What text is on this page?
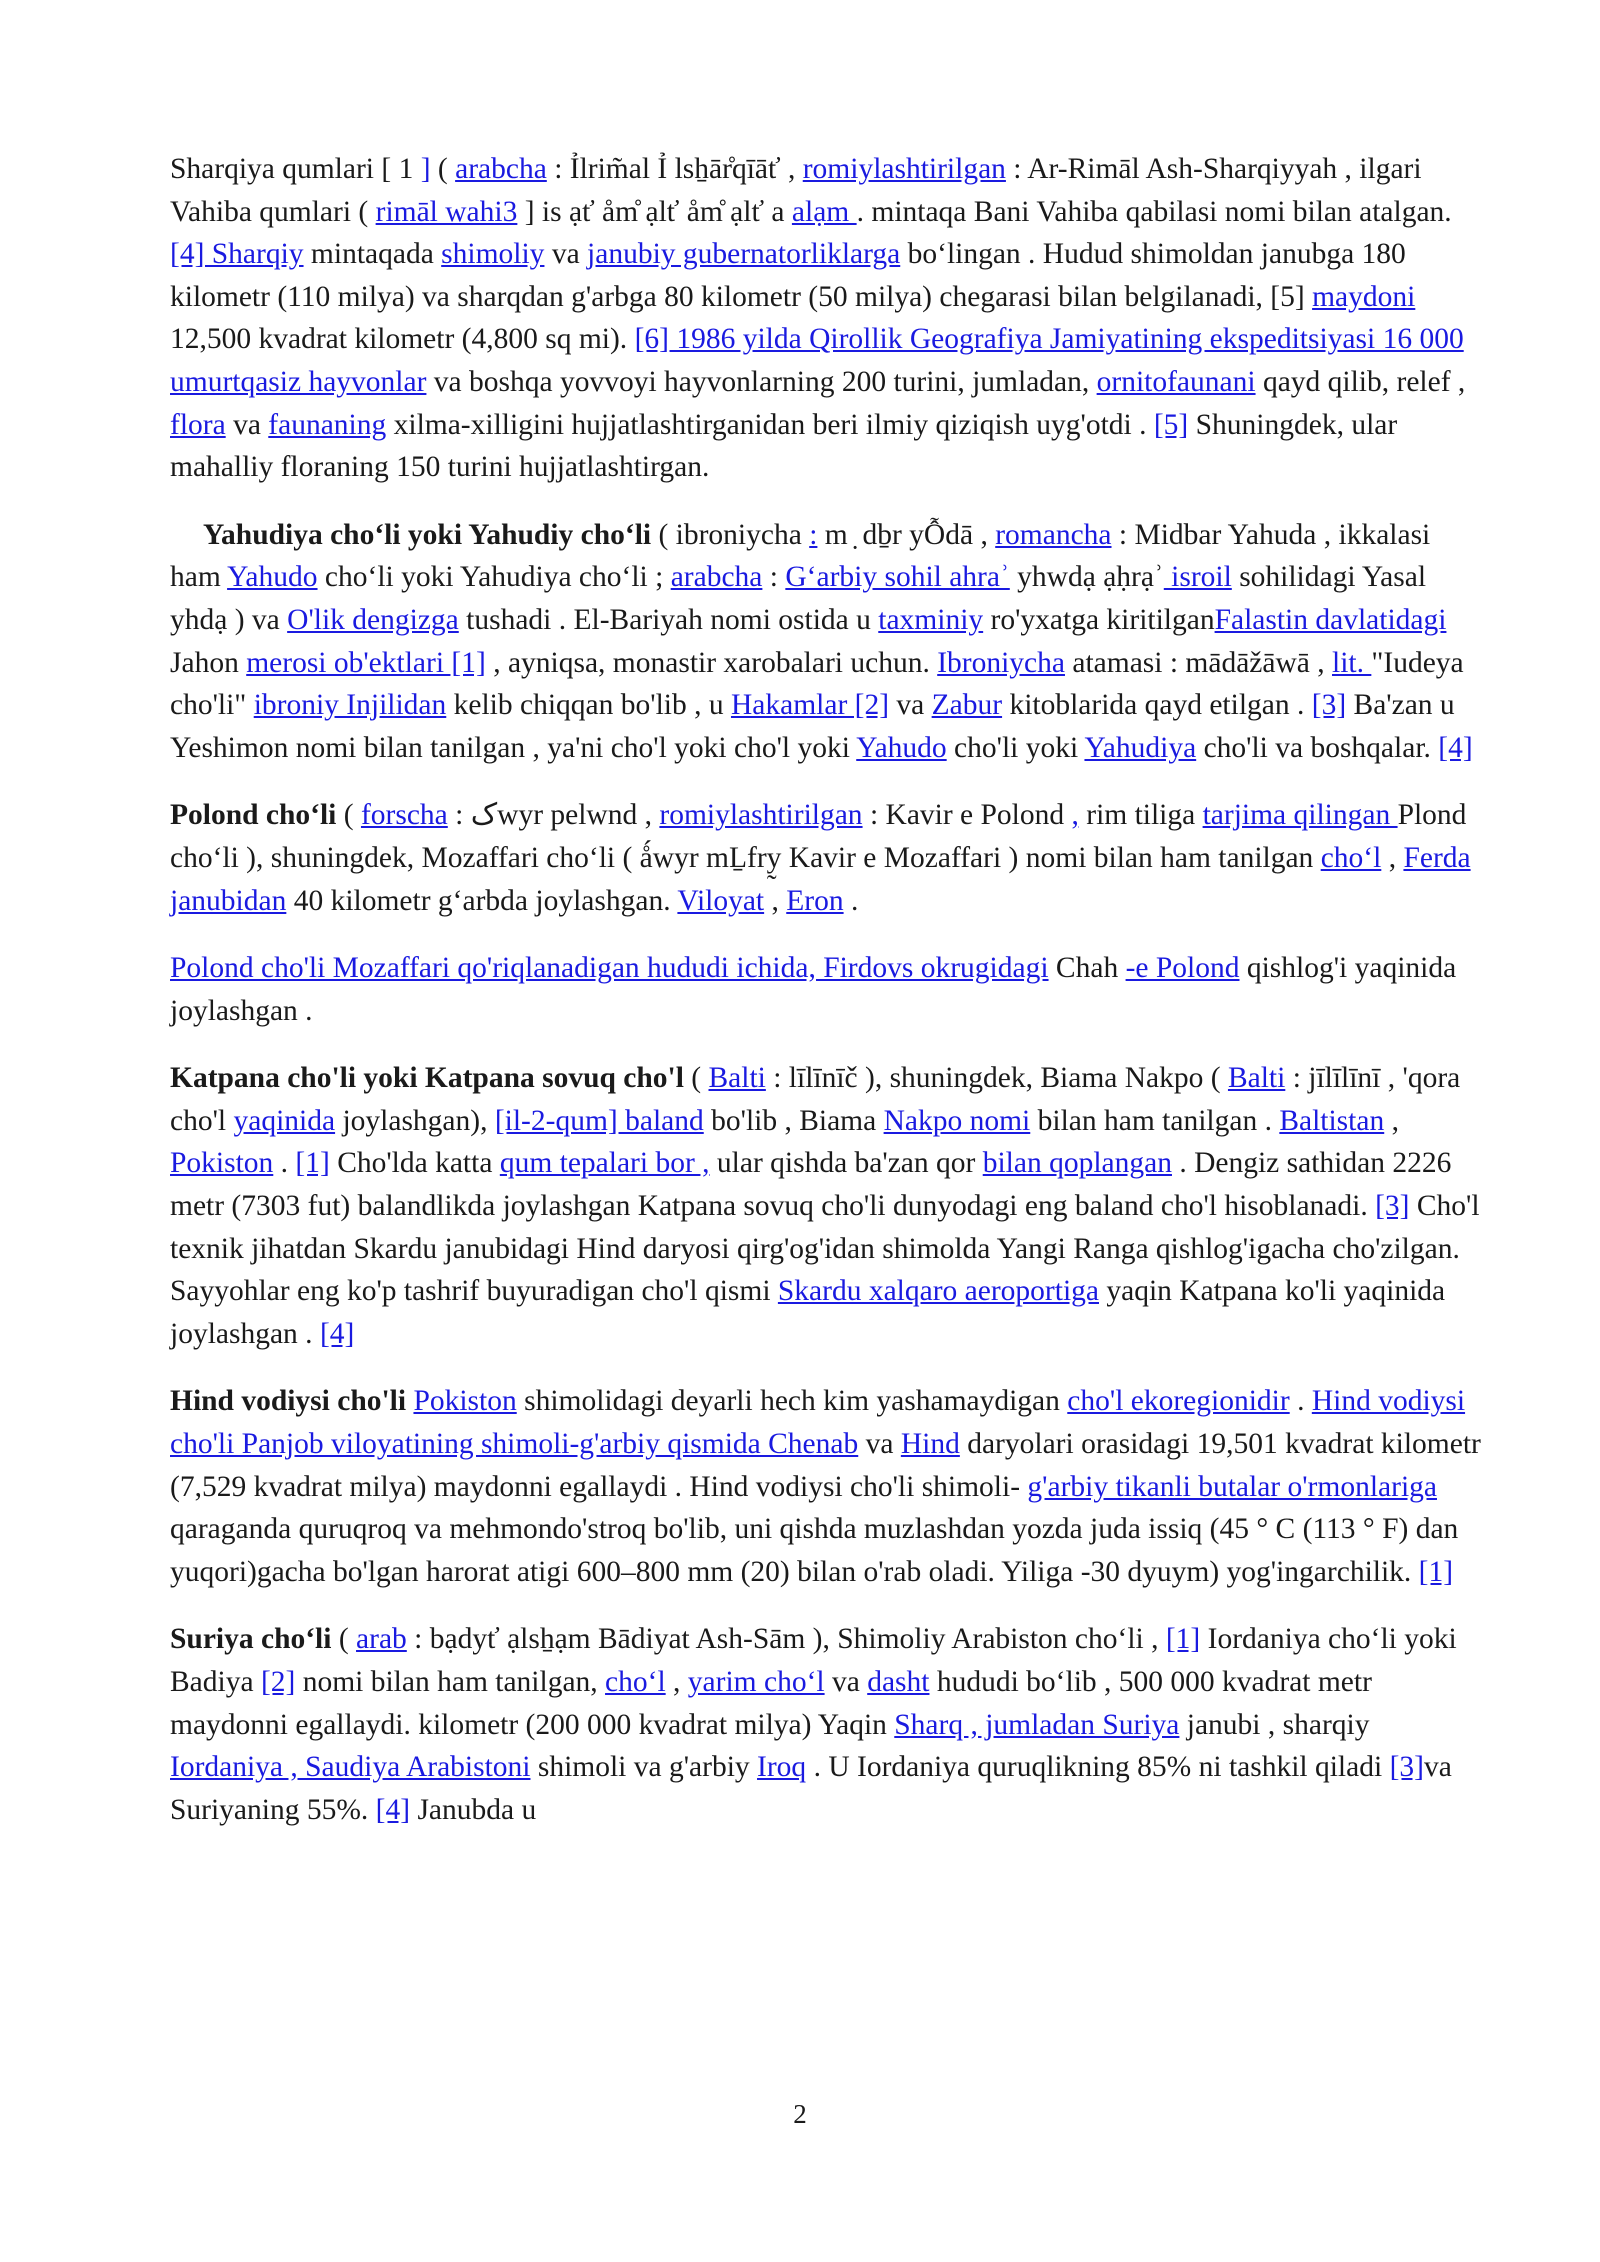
Sharqiya qumlari [ 1 ] ( arabcha : Ỉlrim̃al Ỉ lsẖār̊qīāť , romiylashtirilgan : Ar-Rimāl Ash-Sharqiyyah , ilgari Vahiba qumlari ( rimāl wahi3 ] is ạť åm̊ ạlť åm̊ ạlť a alạm . mintaqa Bani Vahiba qabilasi nomi bilan atalgan. [4] Sharqiy mintaqada shimoliy va janubiy gubernatorliklarga bo‘lingan . Hudud shimoldan janubga 180 kilometr (110 milya) va sharqdan g'arbga 80 kilometr (50 milya) chegarasi bilan belgilanadi, [5] maydoni 12,500 kvadrat kilometr (4,800 sq mi). [6] 1986 yilda Qirollik Geografiya Jamiyatining ekspeditsiyasi 16 000 umurtqasiz hayvonlar va boshqa yovvoyi hayvonlarning 200 turini, jumladan, ornitofaunani qayd qilib, relef , flora va faunaning xilma-xilligini hujjatlashtirganidan beri ilmiy qiziqish uyg'otdi . [5] Shuningdek, ular mahalliy floraning 150 turini hujjatlashtirgan.

Yahudiya cho‘li yoki Yahudiy cho‘li ( ibroniycha : m ̣ dḇr yỖdā , romancha : Midbar Yahuda , ikkalasi ham Yahudo cho‘li yoki Yahudiya cho‘li ; arabcha : G‘arbiy sohil ahraʾ yhwdạ ạḥrạʾ isroil sohilidagi Yasal yhdạ ) va O'lik dengizga tushadi . El-Bariyah nomi ostida u taxminiy ro'yxatga kiritilganFalastin davlatidagi Jahon merosi ob'ektlari [1] , ayniqsa, monastir xarobalari uchun. Ibroniycha atamasi : mādāžāwā , lit. "Iudeya cho'li" ibroniy Injilidan kelib chiqqan bo'lib , u Hakamlar [2] va Zabur kitoblarida qayd etilgan . [3] Ba'zan u Yeshimon nomi bilan tanilgan , ya'ni cho'l yoki cho'l yoki Yahudo cho'li yoki Yahudiya cho'li va boshqalar. [4]

Polond cho‘li ( forscha : کwyr pelwnd , romiylashtirilgan : Kavir e Polond , rim tiliga tarjima qilingan Plond cho‘li ), shuningdek, Mozaffari cho‘li ( ǻwyr mḺfry̰ Kavir e Mozaffari ) nomi bilan ham tanilgan cho‘l , Ferda janubidan 40 kilometr g‘arbda joylashgan. Viloyat , Eron .

Polond cho'li Mozaffari qo'riqlanadigan hududi ichida, Firdovs okrugidagi Chah -e Polond qishlog'i yaqinida joylashgan .

Katpana cho'li yoki Katpana sovuq cho'l ( Balti : līlīnīč ), shuningdek, Biama Nakpo ( Balti : jīlīlīnī , 'qora cho'l yaqinida joylashgan), [il-2-qum] baland bo'lib , Biama Nakpo nomi bilan ham tanilgan . Baltistan , Pokiston . [1] Cho'lda katta qum tepalari bor , ular qishda ba'zan qor bilan qoplangan . Dengiz sathidan 2226 metr (7303 fut) balandlikda joylashgan Katpana sovuq cho'li dunyodagi eng baland cho'l hisoblanadi. [3] Cho'l texnik jihatdan Skardu janubidagi Hind daryosi qirg'og'idan shimolda Yangi Ranga qishlog'igacha cho'zilgan. Sayyohlar eng ko'p tashrif buyuradigan cho'l qismi Skardu xalqaro aeroportiga yaqin Katpana ko'li yaqinida joylashgan . [4]

Hind vodiysi cho'li Pokiston shimolidagi deyarli hech kim yashamaydigan cho'l ekoregionidir . Hind vodiysi cho'li Panjob viloyatining shimoli-g'arbiy qismida Chenab va Hind daryolari orasidagi 19,501 kvadrat kilometr (7,529 kvadrat milya) maydonni egallaydi . Hind vodiysi cho'li shimoli- g'arbiy tikanli butalar o'rmonlariga qaraganda quruqroq va mehmondo'stroq bo'lib, uni qishda muzlashdan yozda juda issiq (45 ° C (113 ° F) dan yuqori)gacha bo'lgan harorat atigi 600–800 mm (20) bilan o'rab oladi. Yiliga -30 dyuym) yog'ingarchilik. [1]

Suriya cho‘li ( arab : bạdyť ạlsẖạm Bādiyat Ash-Sām ), Shimoliy Arabiston cho‘li , [1] Iordaniya cho‘li yoki Badiya [2] nomi bilan ham tanilgan, cho‘l , yarim cho‘l va dasht hududi bo‘lib , 500 000 kvadrat metr maydonni egallaydi. kilometr (200 000 kvadrat milya) Yaqin Sharq , jumladan Suriya janubi , sharqiy Iordaniya , Saudiya Arabistoni shimoli va g'arbiy Iroq . U Iordaniya quruqlikning 85% ni tashkil qiladi [3]va Suriyaning 55%. [4] Janubda u

2
